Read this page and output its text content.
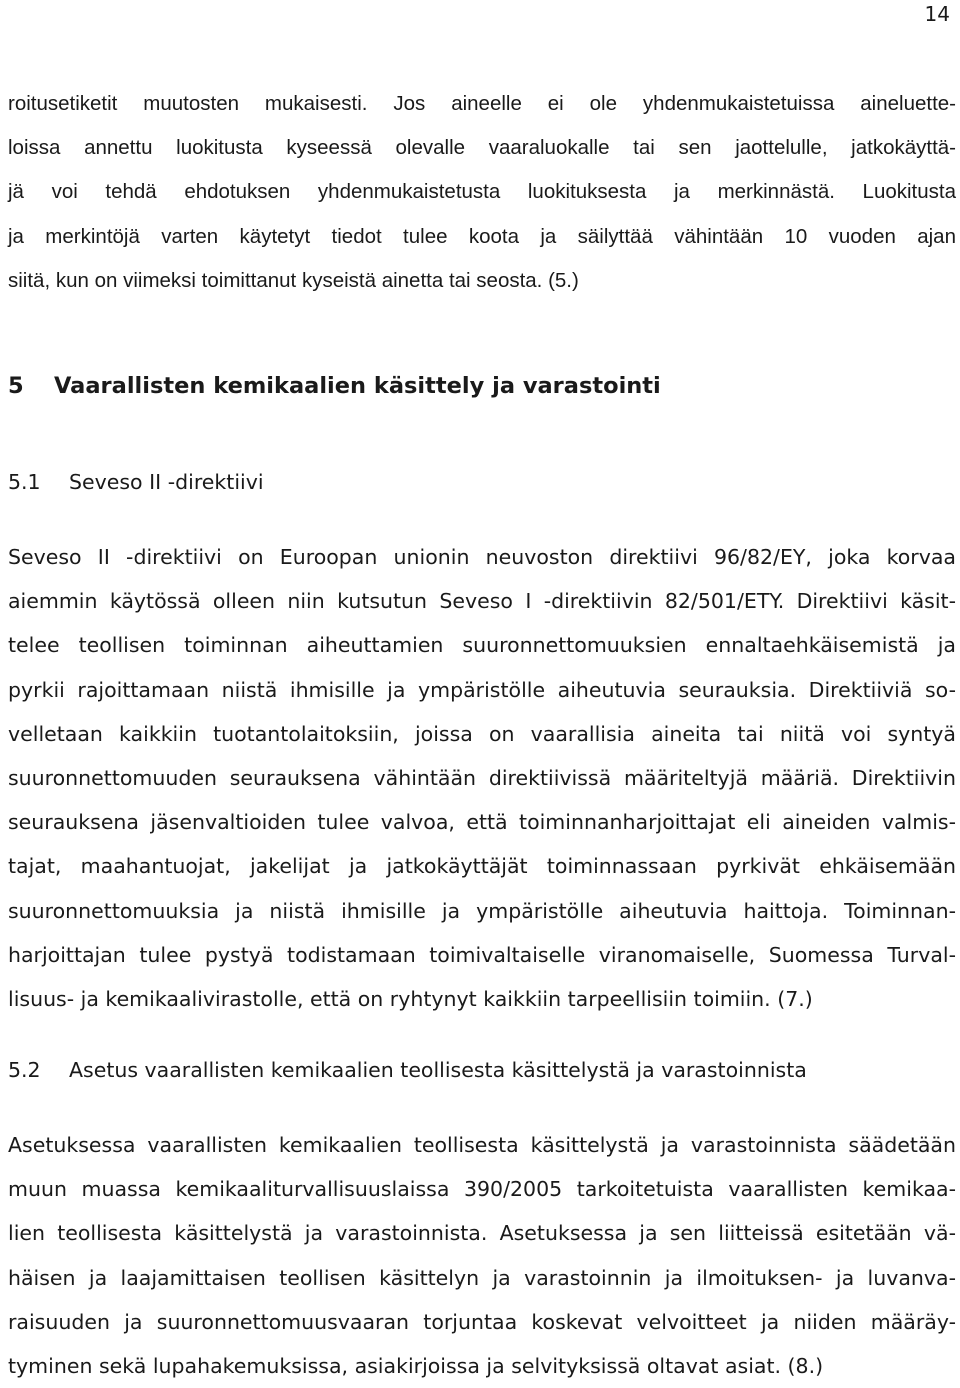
14
roitusetiketit muutosten mukaisesti. Jos aineelle ei ole yhdenmukaistetuissa aineluette-
loissa annettu luokitusta kyseessä olevalle vaaraluokalle tai sen jaottelulle, jatkokäyttä-
jä voi tehdä ehdotuksen yhdenmukaistetusta luokituksesta ja merkinnästä. Luokitusta
ja merkintöjä varten käytetyt tiedot tulee koota ja säilyttää vähintään 10 vuoden ajan
siitä, kun on viimeksi toimittanut kyseistä ainetta tai seosta. (5.)
5 Vaarallisten kemikaalien käsittely ja varastointi
5.1 Seveso II -direktiivi
Seveso II -direktiivi on Euroopan unionin neuvoston direktiivi 96/82/EY, joka korvaa
aiemmin käytössä olleen niin kutsutun Seveso I -direktiivin 82/501/ETY. Direktiivi käsit-
telee teollisen toiminnan aiheuttamien suuronnettomuuksien ennaltaehkäisemistä ja
pyrkii rajoittamaan niistä ihmisille ja ympäristölle aiheutuvia seurauksia. Direktiiviä so-
velletaan kaikkiin tuotantolaitoksiin, joissa on vaarallisia aineita tai niitä voi syntyä
suuronnettomuuden seurauksena vähintään direktiivissä määriteltyjä määriä. Direktiivin
seurauksena jäsenvaltioiden tulee valvoa, että toiminnanharjoittajat eli aineiden valmis-
tajat, maahantuojat, jakelijat ja jatkokäyttäjät toiminnassaan pyrkivät ehkäisemään
suuronnettomuuksia ja niistä ihmisille ja ympäristölle aiheutuvia haittoja. Toiminnan-
harjoittajan tulee pystyä todistamaan toimivaltaiselle viranomaiselle, Suomessa Turval-
lisuus- ja kemikaalivirastolle, että on ryhtynyt kaikkiin tarpeellisiin toimiin. (7.)
5.2 Asetus vaarallisten kemikaalien teollisesta käsittelystä ja varastoinnista
Asetuksessa vaarallisten kemikaalien teollisesta käsittelystä ja varastoinnista säädetään
muun muassa kemikaaliturvallisuuslaissa 390/2005 tarkoitetuista vaarallisten kemikaa-
lien teollisesta käsittelystä ja varastoinnista. Asetuksessa ja sen liitteissä esitetään vä-
häisen ja laajamittaisen teollisen käsittelyn ja varastoinnin ja ilmoituksen- ja luvanva-
raisuuden ja suuronnettomuusvaaran torjuntaa koskevat velvoitteet ja niiden määräy-
tyminen sekä lupahakemuksissa, asiakirjoissa ja selvityksissä oltavat asiat. (8.)
